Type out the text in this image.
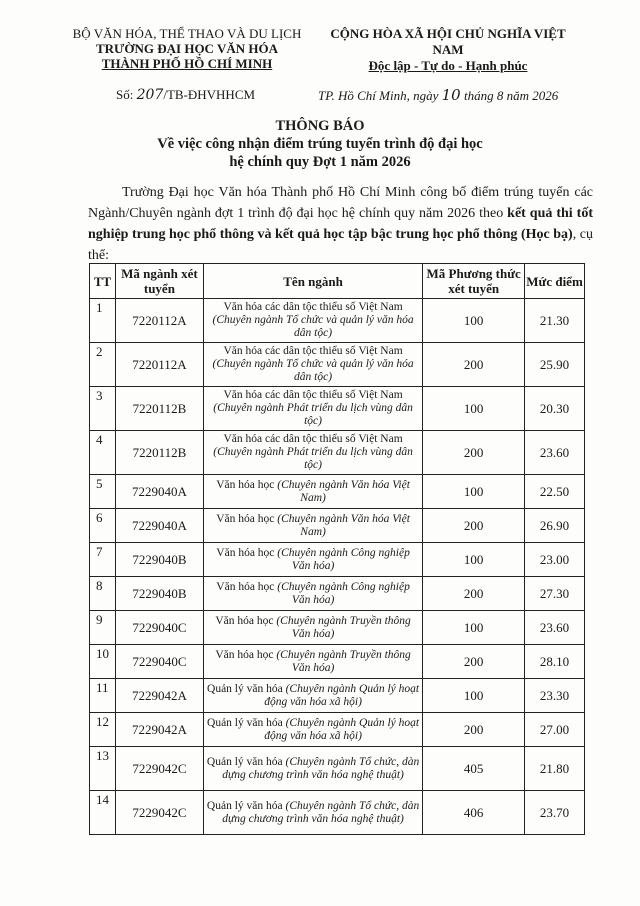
BỘ VĂN HÓA, THỂ THAO VÀ DU LỊCH
TRƯỜNG ĐẠI HỌC VĂN HÓA
THÀNH PHỐ HỒ CHÍ MINH
CỘNG HÒA XÃ HỘI CHỦ NGHĨA VIỆT NAM
Độc lập - Tự do - Hạnh phúc
Số: 207/TB-ĐHVHHCM	TP. Hồ Chí Minh, ngày 10 tháng 8 năm 2026
THÔNG BÁO
Về việc công nhận điểm trúng tuyển trình độ đại học
hệ chính quy Đợt 1 năm 2026
Trường Đại học Văn hóa Thành phố Hồ Chí Minh công bố điểm trúng tuyển các Ngành/Chuyên ngành đợt 1 trình độ đại học hệ chính quy năm 2026 theo kết quả thi tốt nghiệp trung học phổ thông và kết quả học tập bậc trung học phổ thông (Học bạ), cụ thể:
TT	Mã ngành xét tuyển	Tên ngành	Mã Phương thức xét tuyển	Mức điểm
1	7220112A	Văn hóa các dân tộc thiểu số Việt Nam (Chuyên ngành Tổ chức và quản lý văn hóa dân tộc)	100	21.30
2	7220112A	Văn hóa các dân tộc thiểu số Việt Nam (Chuyên ngành Tổ chức và quản lý văn hóa dân tộc)	200	25.90
3	7220112B	Văn hóa các dân tộc thiểu số Việt Nam (Chuyên ngành Phát triển du lịch vùng dân tộc)	100	20.30
4	7220112B	Văn hóa các dân tộc thiểu số Việt Nam (Chuyên ngành Phát triển du lịch vùng dân tộc)	200	23.60
5	7229040A	Văn hóa học (Chuyên ngành Văn hóa Việt Nam)	100	22.50
6	7229040A	Văn hóa học (Chuyên ngành Văn hóa Việt Nam)	200	26.90
7	7229040B	Văn hóa học (Chuyên ngành Công nghiệp Văn hóa)	100	23.00
8	7229040B	Văn hóa học (Chuyên ngành Công nghiệp Văn hóa)	200	27.30
9	7229040C	Văn hóa học (Chuyên ngành Truyền thông Văn hóa)	100	23.60
10	7229040C	Văn hóa học (Chuyên ngành Truyền thông Văn hóa)	200	28.10
11	7229042A	Quản lý văn hóa (Chuyên ngành Quản lý hoạt động văn hóa xã hội)	100	23.30
12	7229042A	Quản lý văn hóa (Chuyên ngành Quản lý hoạt động văn hóa xã hội)	200	27.00
13	7229042C	Quản lý văn hóa (Chuyên ngành Tổ chức, dàn dựng chương trình văn hóa nghệ thuật)	405	21.80
14	7229042C	Quản lý văn hóa (Chuyên ngành Tổ chức, dàn dựng chương trình văn hóa nghệ thuật)	406	23.70
